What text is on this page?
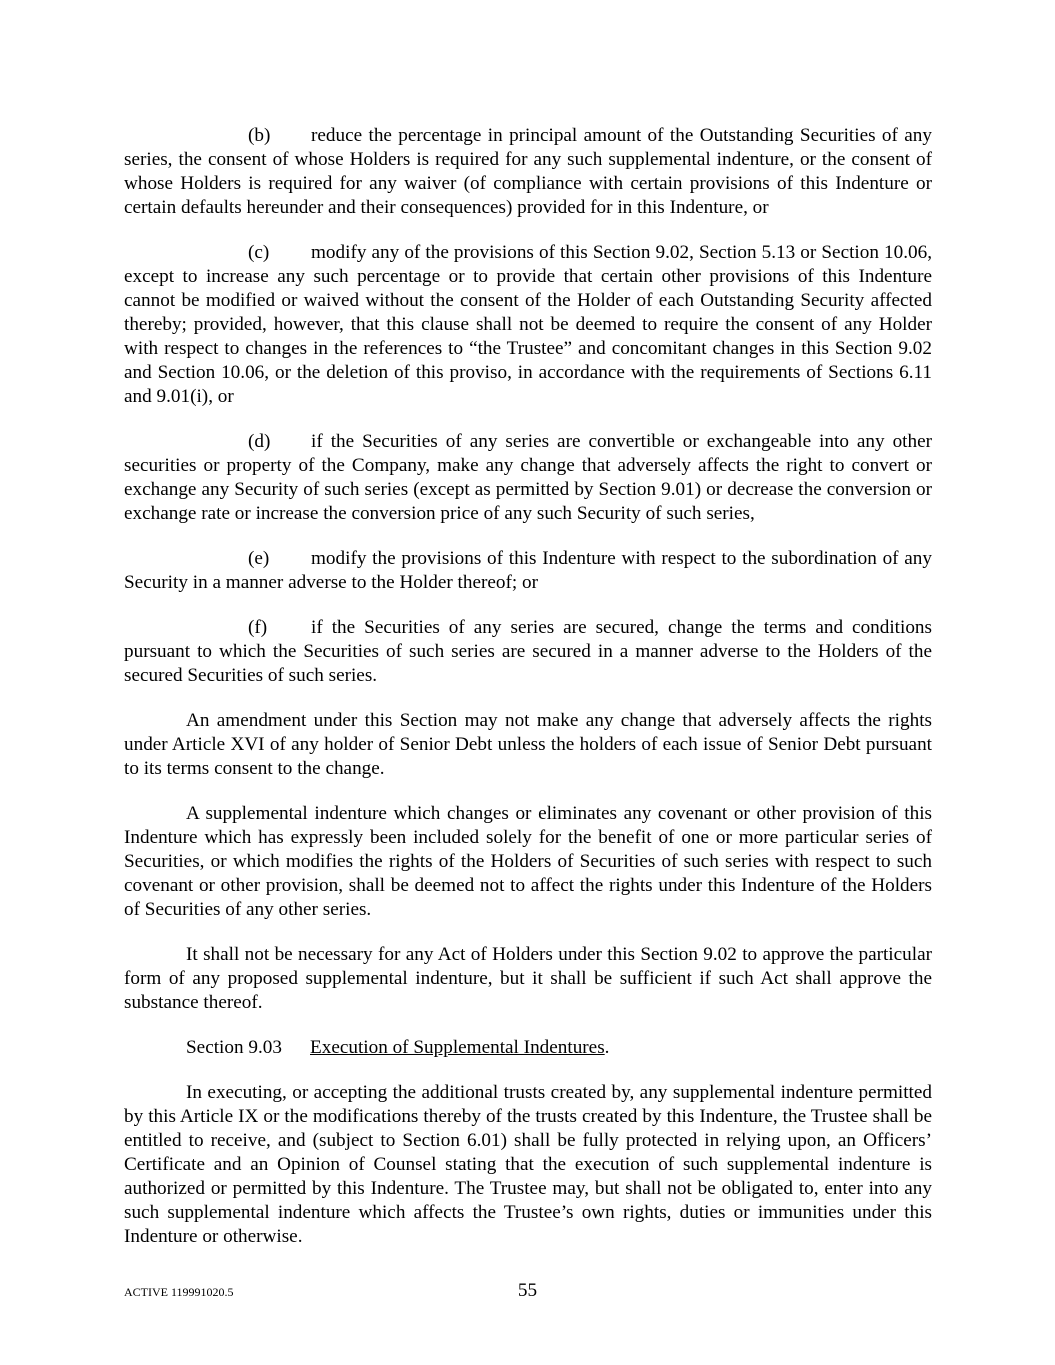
(b) reduce the percentage in principal amount of the Outstanding Securities of any series, the consent of whose Holders is required for any such supplemental indenture, or the consent of whose Holders is required for any waiver (of compliance with certain provisions of this Indenture or certain defaults hereunder and their consequences) provided for in this Indenture, or

(c) modify any of the provisions of this Section 9.02, Section 5.13 or Section 10.06, except to increase any such percentage or to provide that certain other provisions of this Indenture cannot be modified or waived without the consent of the Holder of each Outstanding Security affected thereby; provided, however, that this clause shall not be deemed to require the consent of any Holder with respect to changes in the references to “the Trustee” and concomitant changes in this Section 9.02 and Section 10.06, or the deletion of this proviso, in accordance with the requirements of Sections 6.11 and 9.01(i), or

(d) if the Securities of any series are convertible or exchangeable into any other securities or property of the Company, make any change that adversely affects the right to convert or exchange any Security of such series (except as permitted by Section 9.01) or decrease the conversion or exchange rate or increase the conversion price of any such Security of such series,

(e) modify the provisions of this Indenture with respect to the subordination of any Security in a manner adverse to the Holder thereof; or

(f) if the Securities of any series are secured, change the terms and conditions pursuant to which the Securities of such series are secured in a manner adverse to the Holders of the secured Securities of such series.

An amendment under this Section may not make any change that adversely affects the rights under Article XVI of any holder of Senior Debt unless the holders of each issue of Senior Debt pursuant to its terms consent to the change.

A supplemental indenture which changes or eliminates any covenant or other provision of this Indenture which has expressly been included solely for the benefit of one or more particular series of Securities, or which modifies the rights of the Holders of Securities of such series with respect to such covenant or other provision, shall be deemed not to affect the rights under this Indenture of the Holders of Securities of any other series.

It shall not be necessary for any Act of Holders under this Section 9.02 to approve the particular form of any proposed supplemental indenture, but it shall be sufficient if such Act shall approve the substance thereof.

Section 9.03 Execution of Supplemental Indentures.

In executing, or accepting the additional trusts created by, any supplemental indenture permitted by this Article IX or the modifications thereby of the trusts created by this Indenture, the Trustee shall be entitled to receive, and (subject to Section 6.01) shall be fully protected in relying upon, an Officers’ Certificate and an Opinion of Counsel stating that the execution of such supplemental indenture is authorized or permitted by this Indenture. The Trustee may, but shall not be obligated to, enter into any such supplemental indenture which affects the Trustee’s own rights, duties or immunities under this Indenture or otherwise.

ACTIVE 119991020.5	55
